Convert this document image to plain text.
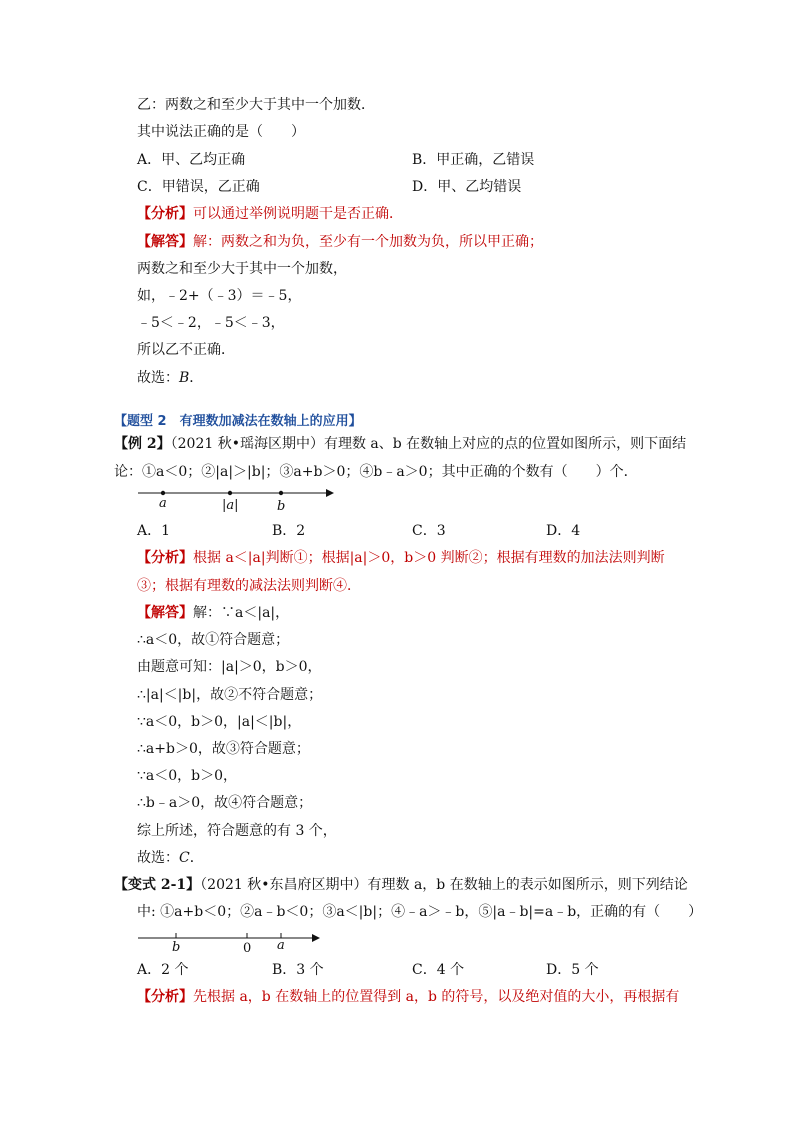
乙：两数之和至少大于其中一个加数．
其中说法正确的是（　　）
A．甲、乙均正确	B．甲正确，乙错误
C．甲错误，乙正确	D．甲、乙均错误
【分析】可以通过举例说明题干是否正确．
【解答】解：两数之和为负，至少有一个加数为负，所以甲正确；
两数之和至少大于其中一个加数，
如，﹣2+（﹣3）＝﹣5，
﹣5＜﹣2，﹣5＜﹣3，
所以乙不正确．
故选：B．
【题型 2　有理数加减法在数轴上的应用】
【例 2】（2021 秋•瑶海区期中）有理数 a、b 在数轴上对应的点的位置如图所示，则下面结
论：①a＜0；②|a|＞|b|；③a+b＞0；④b﹣a＞0；其中正确的个数有（　　）个．
a	|a|	b
A．1	B．2	C．3	D．4
【分析】根据 a＜|a|判断①；根据|a|＞0，b＞0 判断②；根据有理数的加法法则判断
③；根据有理数的减法法则判断④．
【解答】解：∵a＜|a|，
∴a＜0，故①符合题意；
由题意可知：|a|＞0，b＞0，
∴|a|＜|b|，故②不符合题意；
∵a＜0，b＞0，|a|＜|b|，
∴a+b＞0，故③符合题意；
∵a＜0，b＞0，
∴b﹣a＞0，故④符合题意；
综上所述，符合题意的有 3 个，
故选：C．
【变式 2-1】（2021 秋•东昌府区期中）有理数 a，b 在数轴上的表示如图所示，则下列结论
中: ①a+b＜0；②a﹣b＜0；③a＜|b|；④﹣a＞﹣b，⑤|a﹣b|=a﹣b，正确的有（　　）
b	0 a
A．2 个	B．3 个	C．4 个	D．5 个
【分析】先根据 a，b 在数轴上的位置得到 a，b 的符号，以及绝对值的大小，再根据有
